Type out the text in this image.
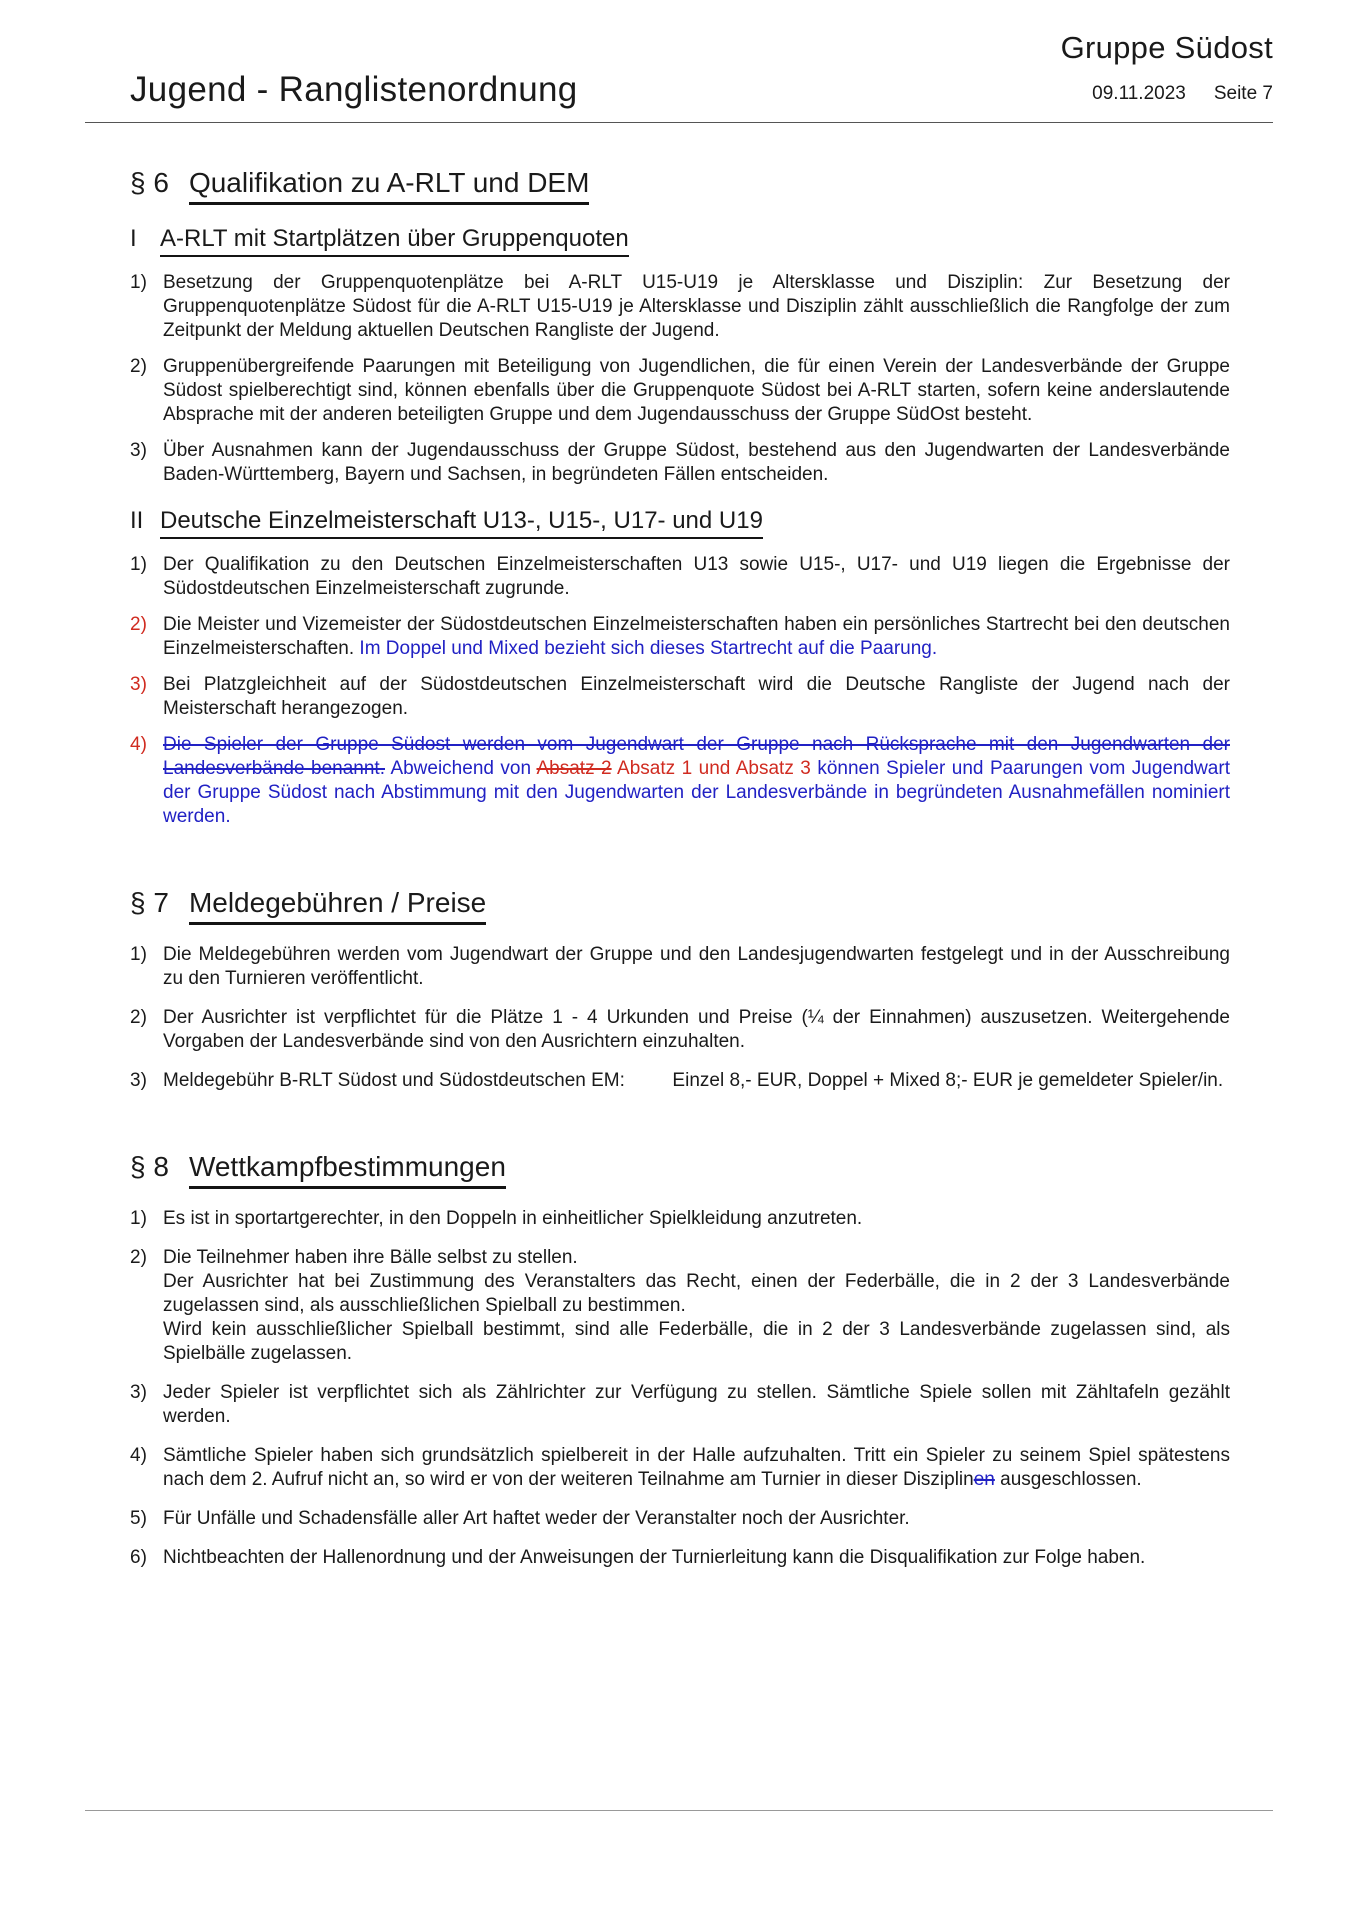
Gruppe Südost
Jugend - Ranglistenordnung	09.11.2023 Seite 7
§ 6 Qualifikation zu A-RLT und DEM
I A-RLT mit Startplätzen über Gruppenquoten
1) Besetzung der Gruppenquotenplätze bei A-RLT U15-U19 je Altersklasse und Disziplin: Zur Besetzung der Gruppenquotenplätze Südost für die A-RLT U15-U19 je Altersklasse und Disziplin zählt ausschließlich die Rangfolge der zum Zeitpunkt der Meldung aktuellen Deutschen Rangliste der Jugend.
2) Gruppenübergreifende Paarungen mit Beteiligung von Jugendlichen, die für einen Verein der Landesverbände der Gruppe Südost spielberechtigt sind, können ebenfalls über die Gruppenquote Südost bei A-RLT starten, sofern keine anderslautende Absprache mit der anderen beteiligten Gruppe und dem Jugendausschuss der Gruppe SüdOst besteht.
3) Über Ausnahmen kann der Jugendausschuss der Gruppe Südost, bestehend aus den Jugendwarten der Landesverbände Baden-Württemberg, Bayern und Sachsen, in begründeten Fällen entscheiden.
II Deutsche Einzelmeisterschaft U13-, U15-, U17- und U19
1) Der Qualifikation zu den Deutschen Einzelmeisterschaften U13 sowie U15-, U17- und U19 liegen die Ergebnisse der Südostdeutschen Einzelmeisterschaft zugrunde.
2) Die Meister und Vizemeister der Südostdeutschen Einzelmeisterschaften haben ein persönliches Startrecht bei den deutschen Einzelmeisterschaften. Im Doppel und Mixed bezieht sich dieses Startrecht auf die Paarung.
3) Bei Platzgleichheit auf der Südostdeutschen Einzelmeisterschaft wird die Deutsche Rangliste der Jugend nach der Meisterschaft herangezogen.
4) Die Spieler der Gruppe Südost werden vom Jugendwart der Gruppe nach Rücksprache mit den Jugendwarten der Landesverbände benannt. Abweichend von Absatz 2 Absatz 1 und Absatz 3 können Spieler und Paarungen vom Jugendwart der Gruppe Südost nach Abstimmung mit den Jugendwarten der Landesverbände in begründeten Ausnahmefällen nominiert werden.
§ 7 Meldegebühren / Preise
1) Die Meldegebühren werden vom Jugendwart der Gruppe und den Landesjugendwarten festgelegt und in der Ausschreibung zu den Turnieren veröffentlicht.
2) Der Ausrichter ist verpflichtet für die Plätze 1 - 4 Urkunden und Preise (¼ der Einnahmen) auszusetzen. Weitergehende Vorgaben der Landesverbände sind von den Ausrichtern einzuhalten.
3) Meldegebühr B-RLT Südost und Südostdeutschen EM:         Einzel 8,- EUR, Doppel + Mixed 8;- EUR je gemeldeter Spieler/in.
§ 8 Wettkampfbestimmungen
1) Es ist in sportartgerechter, in den Doppeln in einheitlicher Spielkleidung anzutreten.
2) Die Teilnehmer haben ihre Bälle selbst zu stellen.
Der Ausrichter hat bei Zustimmung des Veranstalters das Recht, einen der Federbälle, die in 2 der 3 Landesverbände zugelassen sind, als ausschließlichen Spielball zu bestimmen.
Wird kein ausschließlicher Spielball bestimmt, sind alle Federbälle, die in 2 der 3 Landesverbände zugelassen sind, als Spielbälle zugelassen.
3) Jeder Spieler ist verpflichtet sich als Zählrichter zur Verfügung zu stellen. Sämtliche Spiele sollen mit Zähltafeln gezählt werden.
4) Sämtliche Spieler haben sich grundsätzlich spielbereit in der Halle aufzuhalten. Tritt ein Spieler zu seinem Spiel spätestens nach dem 2. Aufruf nicht an, so wird er von der weiteren Teilnahme am Turnier in dieser Disziplinen ausgeschlossen.
5) Für Unfälle und Schadensfälle aller Art haftet weder der Veranstalter noch der Ausrichter.
6) Nichtbeachten der Hallenordnung und der Anweisungen der Turnierleitung kann die Disqualifikation zur Folge haben.
